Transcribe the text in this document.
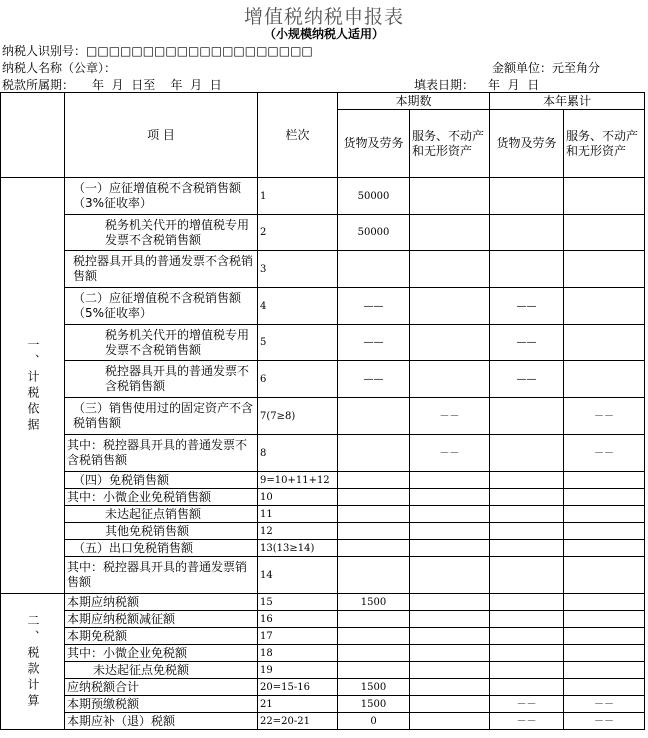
增值税纳税申报表
（小规模纳税人适用）
纳税人识别号：□□□□□□□□□□□□□□□□□□□□
纳税人名称（公章）：	金额单位：元至角分
税款所属期： 年  月  日至    年  月  日	填表日期： 年  月  日
	项 目	栏次	本期数		本年累计	
			货物及劳务	服务、不动产和无形资产	货物及劳务	服务、不动产和无形资产
一、计税依据	（一）应征增值税不含税销售额（3%征收率）	1	50000			
	税务机关代开的增值税专用发票不含税销售额	2	50000			
	税控器具开具的普通发票不含税销售额	3				
	（二）应征增值税不含税销售额（5%征收率）	4	——		——	
	税务机关代开的增值税专用发票不含税销售额	5	——		——	
	税控器具开具的普通发票不含税销售额	6	——		——	
	（三）销售使用过的固定资产不含税销售额	7(7≥8)		－－		－－
	其中：税控器具开具的普通发票不含税销售额	8		－－		－－
	（四）免税销售额	9=10+11+12				
	其中：小微企业免税销售额	10				
	未达起征点销售额	11				
	其他免税销售额	12				
	（五）出口免税销售额	13(13≥14)				
	其中：税控器具开具的普通发票销售额	14				
二、税款计算	本期应纳税额	15	1500			
	本期应纳税额减征额	16				
	本期免税额	17				
	其中：小微企业免税额	18				
	未达起征点免税额	19				
	应纳税额合计	20=15-16	1500			
	本期预缴税额	21	1500		－－	－－
	本期应补（退）税额	22=20-21	0		－－	－－
